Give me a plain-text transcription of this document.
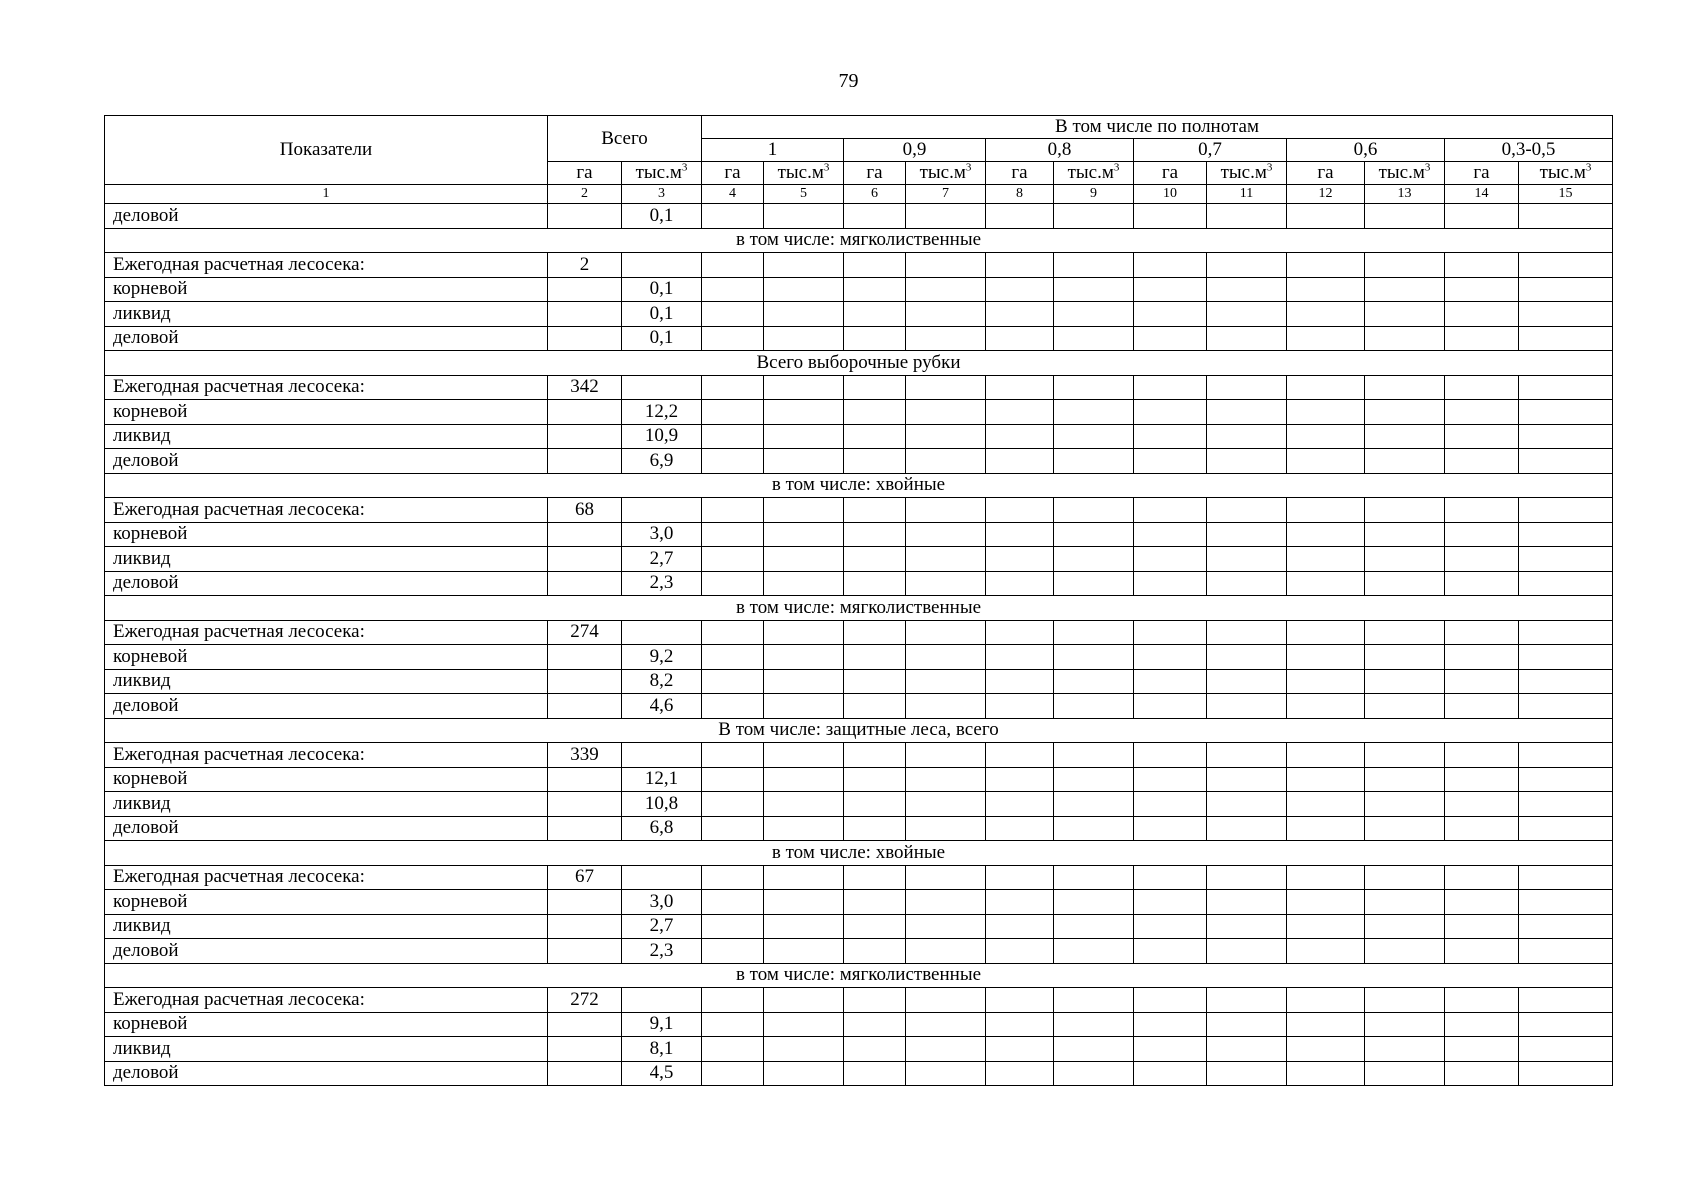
79
Показатели	Всего		В том числе по полнотам											
			1		0,9		0,8		0,7		0,6		0,3-0,5	
	га	$тыс.м^3$	га	$тыс.м^3$	га	$тыс.м^3$	га	$тыс.м^3$	га	$тыс.м^3$	га	$тыс.м^3$	га	$тыс.м^3$
1	2	3	4	5	6	7	8	9	10	11	12	13	14	15
деловой		0,1												
в том числе: мягколиственные														
Ежегодная расчетная лесосека:	2													
корневой		0,1												
ликвид		0,1												
деловой		0,1												
Всего выборочные рубки														
Ежегодная расчетная лесосека:	342													
корневой		12,2												
ликвид		10,9												
деловой		6,9												
в том числе: хвойные														
Ежегодная расчетная лесосека:	68													
корневой		3,0												
ликвид		2,7												
деловой		2,3												
в том числе: мягколиственные														
Ежегодная расчетная лесосека:	274													
корневой		9,2												
ликвид		8,2												
деловой		4,6												
В том числе: защитные леса, всего														
Ежегодная расчетная лесосека:	339													
корневой		12,1												
ликвид		10,8												
деловой		6,8												
в том числе: хвойные														
Ежегодная расчетная лесосека:	67													
корневой		3,0												
ликвид		2,7												
деловой		2,3												
в том числе: мягколиственные														
Ежегодная расчетная лесосека:	272													
корневой		9,1												
ликвид		8,1												
деловой		4,5												
